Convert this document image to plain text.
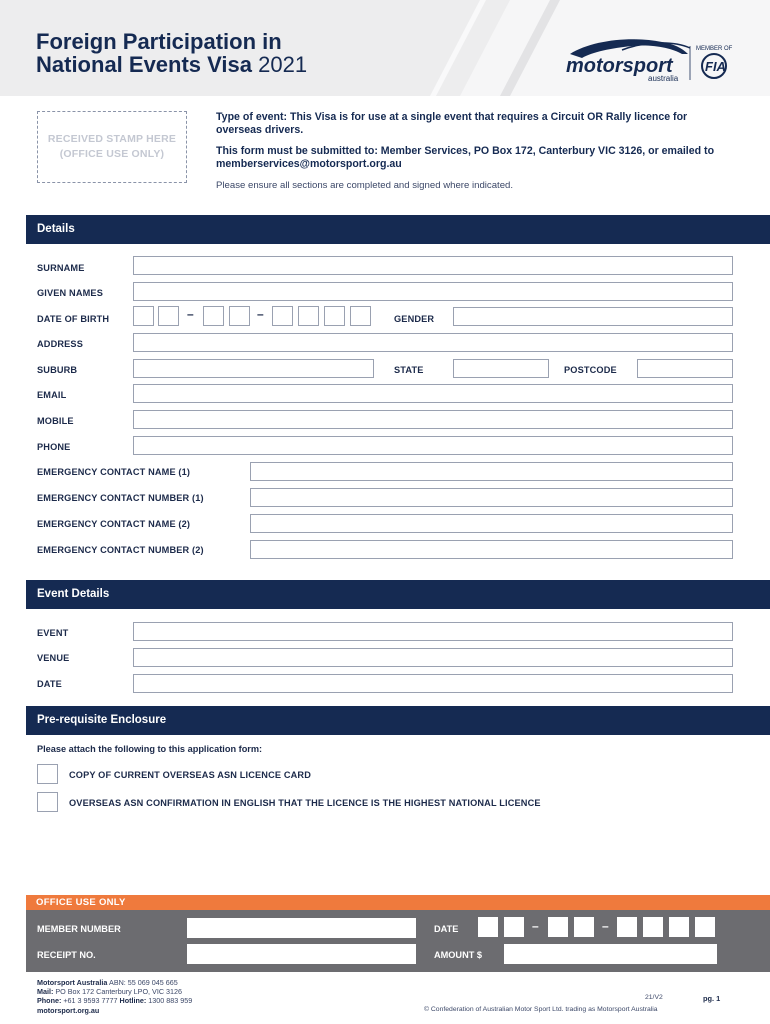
Foreign Participation in
National Events Visa 2021	motorsport
australia
MEMBER OF
FIA
RECEIVED STAMP HERE
(OFFICE USE ONLY)

Type of event: This Visa is for use at a single event that requires a Circuit OR Rally licence for overseas drivers.

This form must be submitted to: Member Services, PO Box 172, Canterbury VIC 3126, or emailed to memberservices@motorsport.org.au

Please ensure all sections are completed and signed where indicated.

Details
SURNAME
GIVEN NAMES
DATE OF BIRTH	–	–	GENDER
ADDRESS
SUBURB	STATE	POSTCODE
EMAIL
MOBILE
PHONE
EMERGENCY CONTACT NAME (1)
EMERGENCY CONTACT NUMBER (1)
EMERGENCY CONTACT NAME (2)
EMERGENCY CONTACT NUMBER (2)
Event Details
EVENT
VENUE
DATE
Pre-requisite Enclosure
Please attach the following to this application form:
COPY OF CURRENT OVERSEAS ASN LICENCE CARD
OVERSEAS ASN CONFIRMATION IN ENGLISH THAT THE LICENCE IS THE HIGHEST NATIONAL LICENCE
OFFICE USE ONLY
MEMBER NUMBER	DATE	–	–
RECEIPT NO.	AMOUNT $
Motorsport Australia ABN: 55 069 045 665
Mail: PO Box 172 Canterbury LPO, VIC 3126
Phone: +61 3 9593 7777 Hotline: 1300 883 959
motorsport.org.au
21/V2
© Confederation of Australian Motor Sport Ltd. trading as Motorsport Australia
pg. 1
